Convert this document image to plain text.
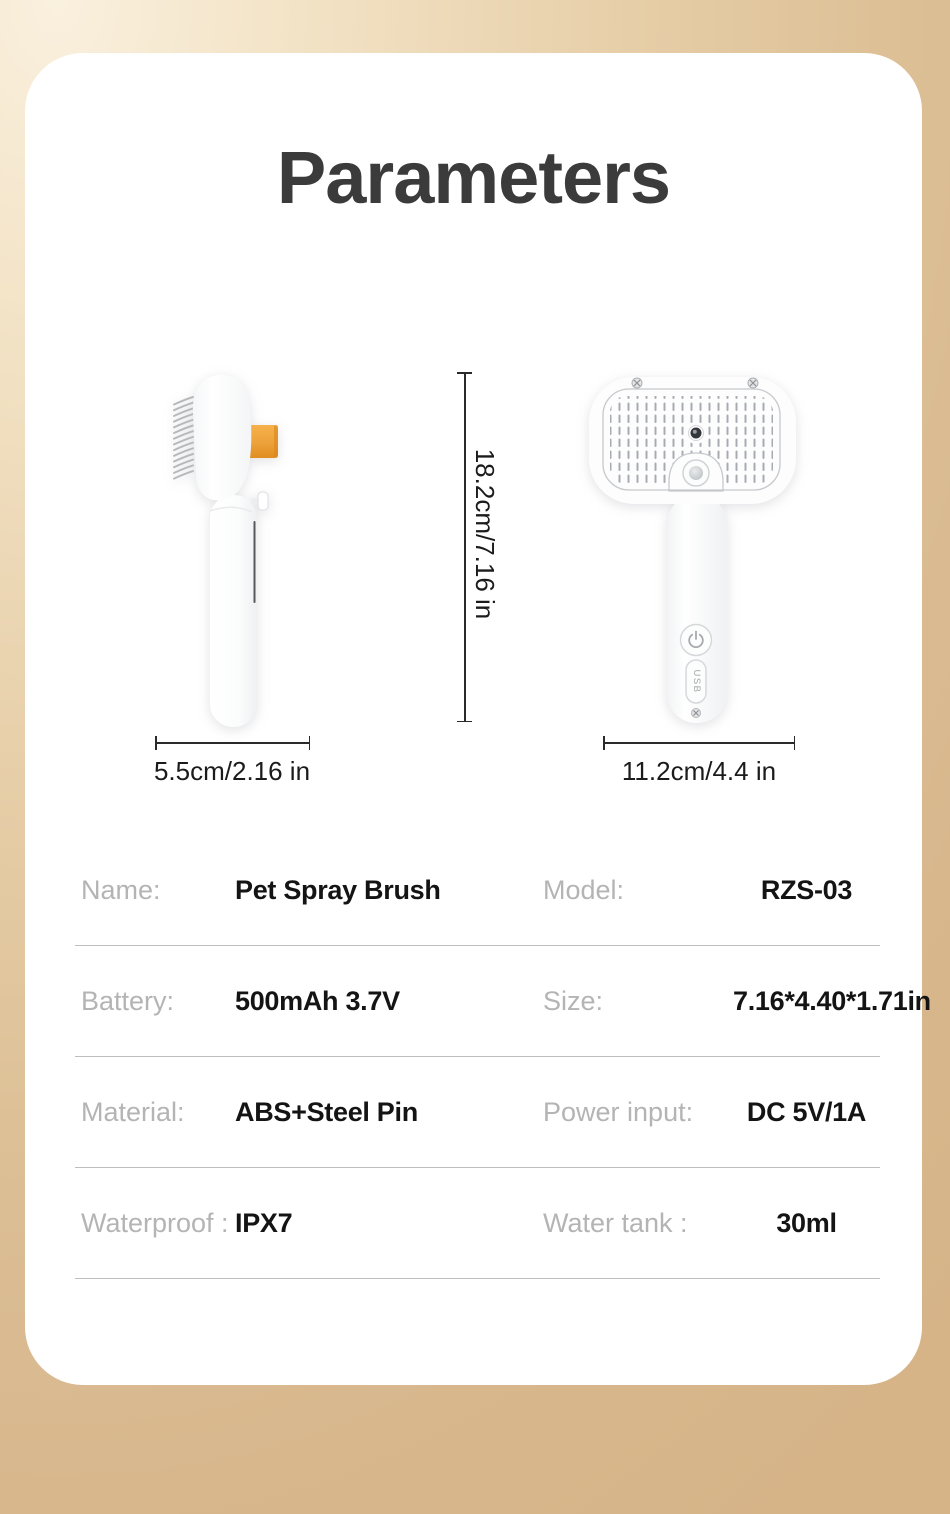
Parameters
USB
18.2cm/7.16 in
5.5cm/2.16 in	11.2cm/4.4 in
Name:	Pet Spray Brush	Model:	RZS-03
Battery:	500mAh 3.7V	Size:	7.16*4.40*1.71in
Material:	ABS+Steel Pin	Power input:	DC 5V/1A
Waterproof : IPX7	Water tank :	30ml
